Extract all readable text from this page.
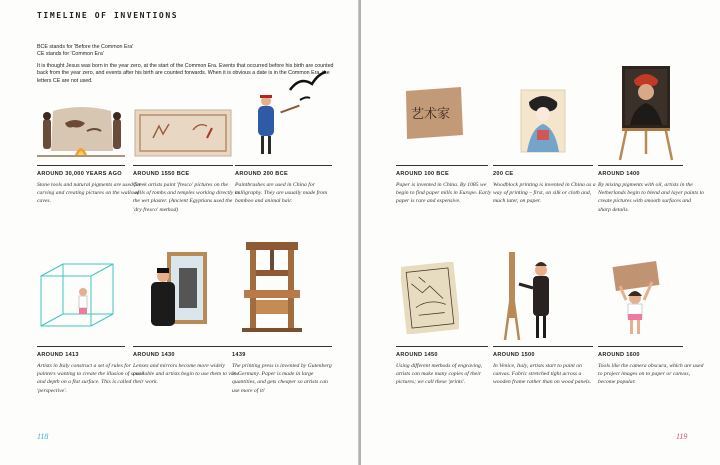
TIMELINE OF INVENTIONS
BCE stands for 'Before the Common Era'
CE stands for 'Common Era'
It is thought Jesus was born in the year zero, at the start of the Common Era. Events that occurred before his birth are counted back from the year zero, and events after his birth are counted forwards. When it is obvious a date is in the Common Era, the letters CE are not used.
AROUND 30,000 YEARS AGO
Stone tools and natural pigments are used for carving and creating pictures on the walls of caves.
AROUND 1550 BCE
Greek artists paint 'fresco' pictures on the walls of tombs and temples working directly in the wet plaster. (Ancient Egyptians used the 'dry fresco' method)
AROUND 200 BCE
Paintbrushes are used in China for calligraphy. They are usually made from bamboo and animal hair.
AROUND 1413
Artists in Italy construct a set of rules for painters wanting to create the illusion of space and depth on a flat surface. This is called 'perspective'.
AROUND 1430
Lenses and mirrors become more widely available and artists begin to use them to view their work.
1439
The printing press is invented by Gutenberg in Germany. Paper is made in large quantities, and gets cheaper so artists can use more of it!
118
艺术家
AROUND 100 BCE
Paper is invented in China. By 1085 we begin to find paper mills in Europe. Early paper is rare and expensive.
200 CE
Woodblock printing is invented in China as a way of printing – first, on silk or cloth and, much later, on paper.
AROUND 1400
By mixing pigments with oil, artists in the Netherlands begin to blend and layer paints to create pictures with smooth surfaces and sharp details.
AROUND 1450
Using different methods of engraving, artists can make many copies of their pictures; we call these 'prints'.
AROUND 1500
In Venice, Italy, artists start to paint on canvas. Fabric stretched tight across a wooden frame rather than on wood panels.
AROUND 1600
Tools like the camera obscura, which are used to project images on to paper or canvas, become popular.
119
